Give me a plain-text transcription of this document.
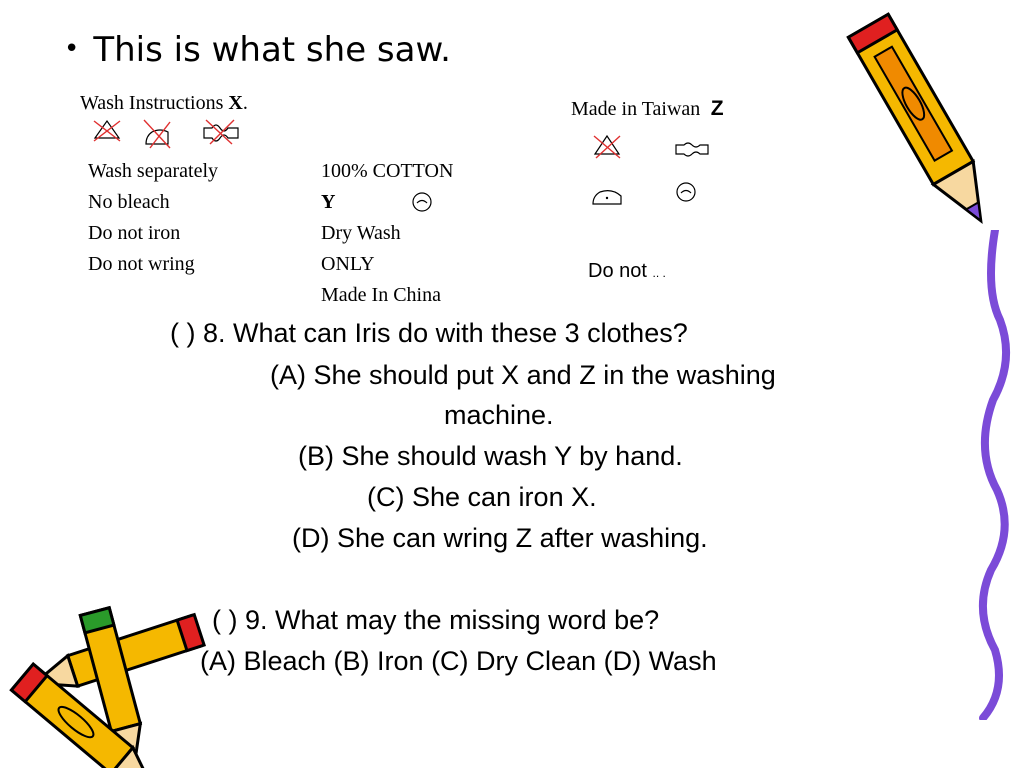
• This is what she saw.
Wash Instructions X.
Wash separately
No bleach
Do not iron
Do not wring
100% COTTON
Y
Dry Wash
ONLY
Made In China
Made in Taiwan Z
Do not .. .
( ) 8. What can Iris do with these 3 clothes?
(A) She should put X and Z in the washing
machine.
(B) She should wash Y by hand.
(C) She can iron X.
(D) She can wring Z after washing.
( ) 9. What may the missing word be?
(A) Bleach (B) Iron (C) Dry Clean (D) Wash
